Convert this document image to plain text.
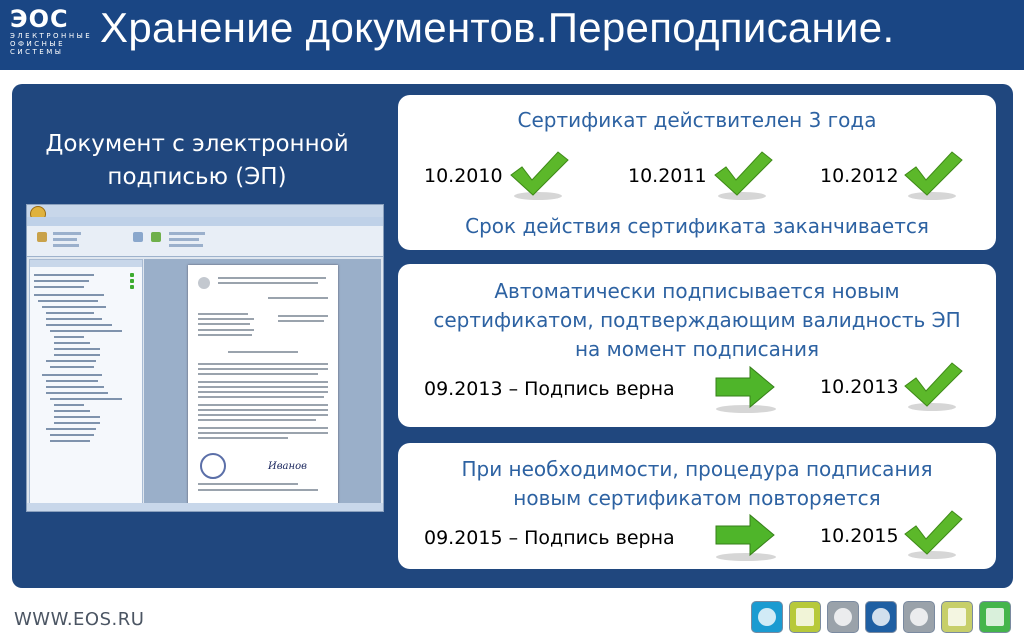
ЭОС
ЭЛЕКТРОННЫЕ
ОФИСНЫЕ
СИСТЕМЫ
Хранение документов.Переподписание.
Документ с электронной
подписью (ЭП)
Иванов
Сертификат действителен 3 года
Срок действия сертификата заканчивается
10.2010	10.2011	10.2012
Автоматически подписывается новым
сертификатом, подтверждающим валидность ЭП
на момент подписания
09.2013 – Подпись верна	10.2013
При необходимости, процедура подписания
новым сертификатом повторяется
09.2015 – Подпись верна	10.2015
WWW.EOS.RU
